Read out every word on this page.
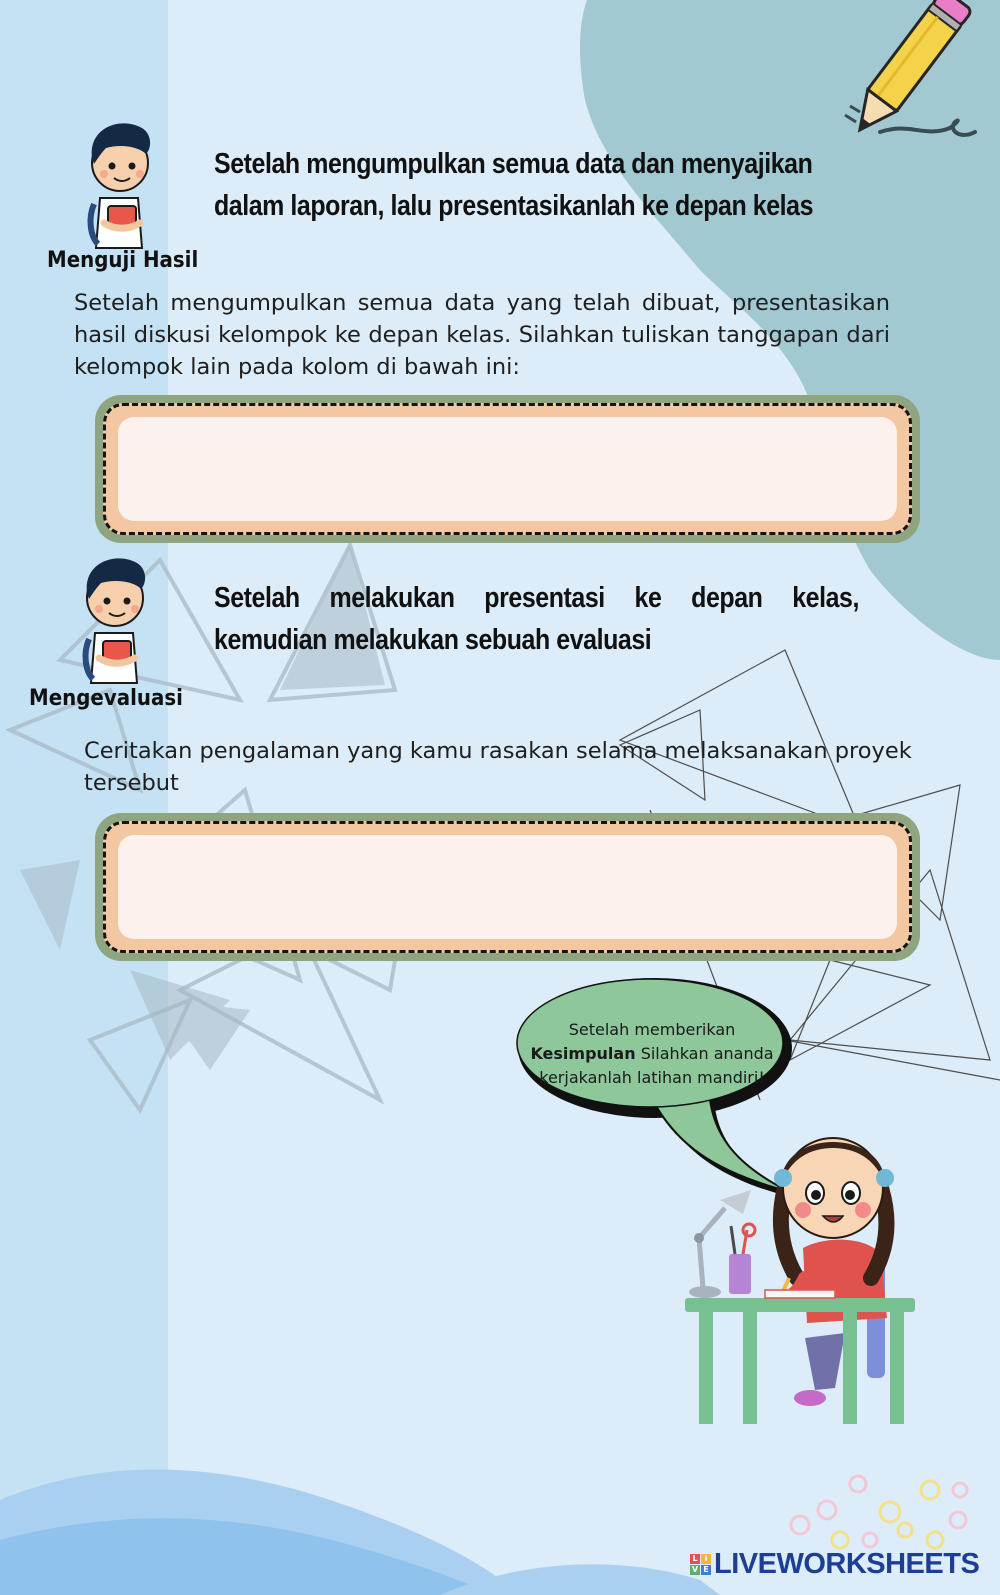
Menguji Hasil
Setelah mengumpulkan semua data dan menyajikan
dalam laporan, lalu presentasikanlah ke depan kelas
Setelah mengumpulkan semua data yang telah dibuat, presentasikan hasil diskusi kelompok ke depan kelas. Silahkan tuliskan tanggapan dari kelompok lain pada kolom di bawah ini:
Mengevaluasi
Setelah melakukan presentasi ke depan kelas,
kemudian melakukan sebuah evaluasi
Ceritakan pengalaman yang kamu rasakan selama melaksanakan proyek tersebut
Setelah memberikan
Kesimpulan Silahkan ananda kerjakanlah latihan mandiri!
L I
V E LIVEWORKSHEETS
